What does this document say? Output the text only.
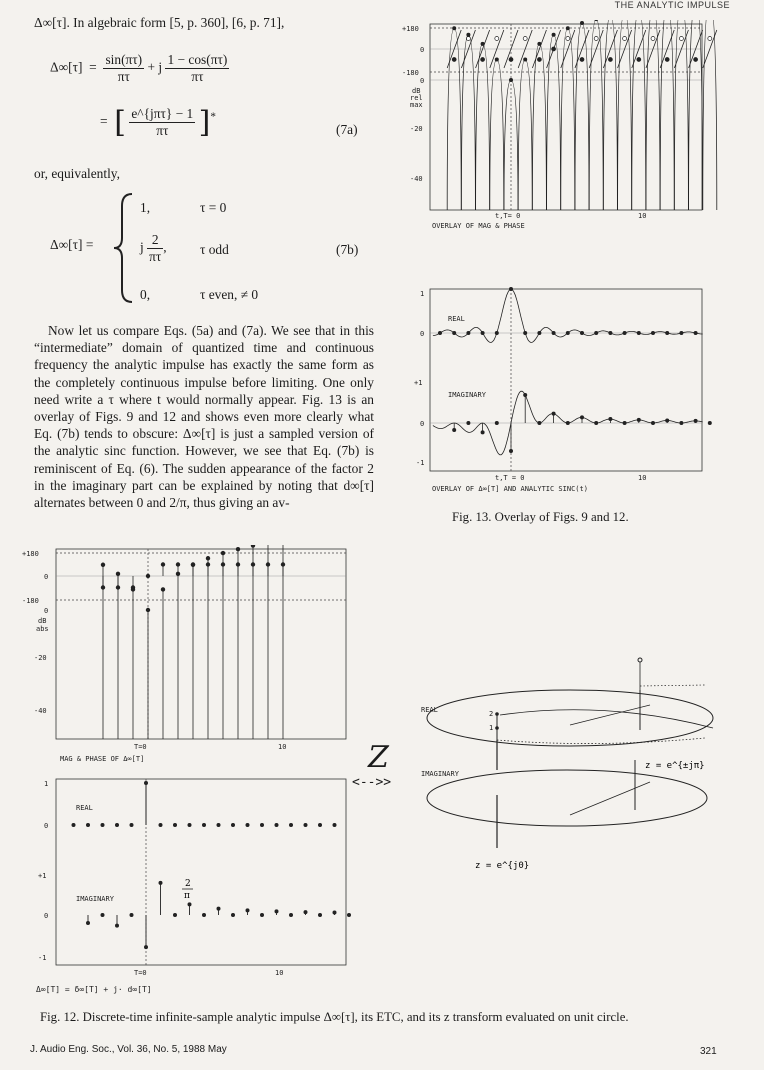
THE ANALYTIC IMPULSE
Δ∞[τ]. In algebraic form [5, p. 360], [6, p. 71],
$\Delta\infty[\tau] = \frac{\sin(\pi\tau)}{\pi\tau} + j \frac{1 - \cos(\pi\tau)}{\pi\tau}$
=  [ $\frac{\text{e\textasciicircum{}\{jπτ\} − 1}}{\pi\tau} ]^*$
(7a)
or, equivalently,
Δ∞[τ] =
1,	τ = 0
j $\frac{2}{\pi\tau}$ , τ odd	(7b)
0,	τ even, ≠ 0
Now let us compare Eqs. (5a) and (7a). We see that in this “intermediate” domain of quantized time and continuous frequency the analytic impulse has exactly the same form as the completely continuous impulse before limiting. One only need write a τ where t would normally appear. Fig. 13 is an overlay of Figs. 9 and 12 and shows even more clearly what Eq. (7b) tends to obscure: Δ∞[τ] is just a sampled version of the analytic sinc function. However, we see that Eq. (7b) is reminiscent of Eq. (6). The sudden appearance of the factor 2 in the imaginary part can be explained by noting that d∞[τ] alternates between 0 and 2/π, thus giving an av-
+180
0
-180
0
dB
rel
max
-20
-40
t,T= 0	10
OVERLAY OF MAG & PHASE
1
0
+1
0
-1
REAL
IMAGINARY
t,T = 0	10
OVERLAY OF Δ∞[T] AND ANALYTIC SINC(t)
Fig. 13. Overlay of Figs. 9 and 12.
+180
0
-180
0
dB
abs
-20
-40
T=0	10
MAG & PHASE OF Δ∞[T]
1
0
+1
0
-1
REAL
IMAGINARY
2
π
T=0	10
Δ∞[T] = δ∞[T] + j· d∞[T]
Z
<-->>
REAL
IMAGINARY
2
1
z = e^{±jπ}
z = e^{j0}
Fig. 12. Discrete-time infinite-sample analytic impulse Δ∞[τ], its ETC, and its z transform evaluated on unit circle.
J. Audio Eng. Soc., Vol. 36, No. 5, 1988 May	321
